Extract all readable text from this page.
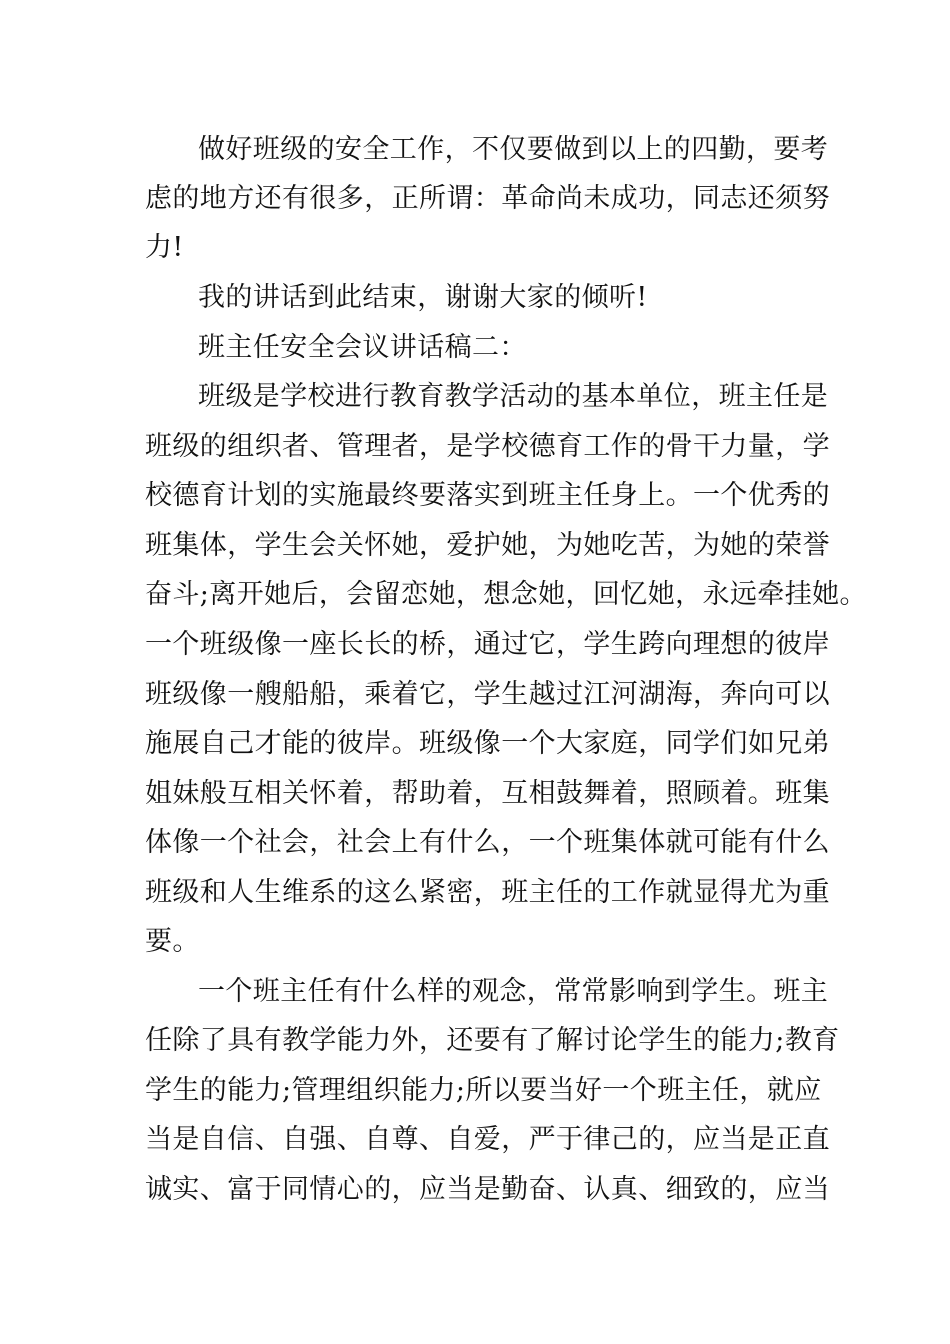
做好班级的安全工作，不仅要做到以上的四勤，要考
虑的地方还有很多，正所谓：革命尚未成功，同志还须努
力!
我的讲话到此结束，谢谢大家的倾听!
班主任安全会议讲话稿二：
班级是学校进行教育教学活动的基本单位，班主任是
班级的组织者、管理者，是学校德育工作的骨干力量，学
校德育计划的实施最终要落实到班主任身上。一个优秀的
班集体，学生会关怀她，爱护她，为她吃苦，为她的荣誉
奋斗;离开她后，会留恋她，想念她，回忆她，永远牵挂她。
一个班级像一座长长的桥，通过它，学生跨向理想的彼岸
班级像一艘船船，乘着它，学生越过江河湖海，奔向可以
施展自己才能的彼岸。班级像一个大家庭，同学们如兄弟
姐妹般互相关怀着，帮助着，互相鼓舞着，照顾着。班集
体像一个社会，社会上有什么，一个班集体就可能有什么
班级和人生维系的这么紧密，班主任的工作就显得尤为重
要。
一个班主任有什么样的观念，常常影响到学生。班主
任除了具有教学能力外，还要有了解讨论学生的能力;教育
学生的能力;管理组织能力;所以要当好一个班主任，就应
当是自信、自强、自尊、自爱，严于律己的，应当是正直
诚实、富于同情心的，应当是勤奋、认真、细致的，应当
